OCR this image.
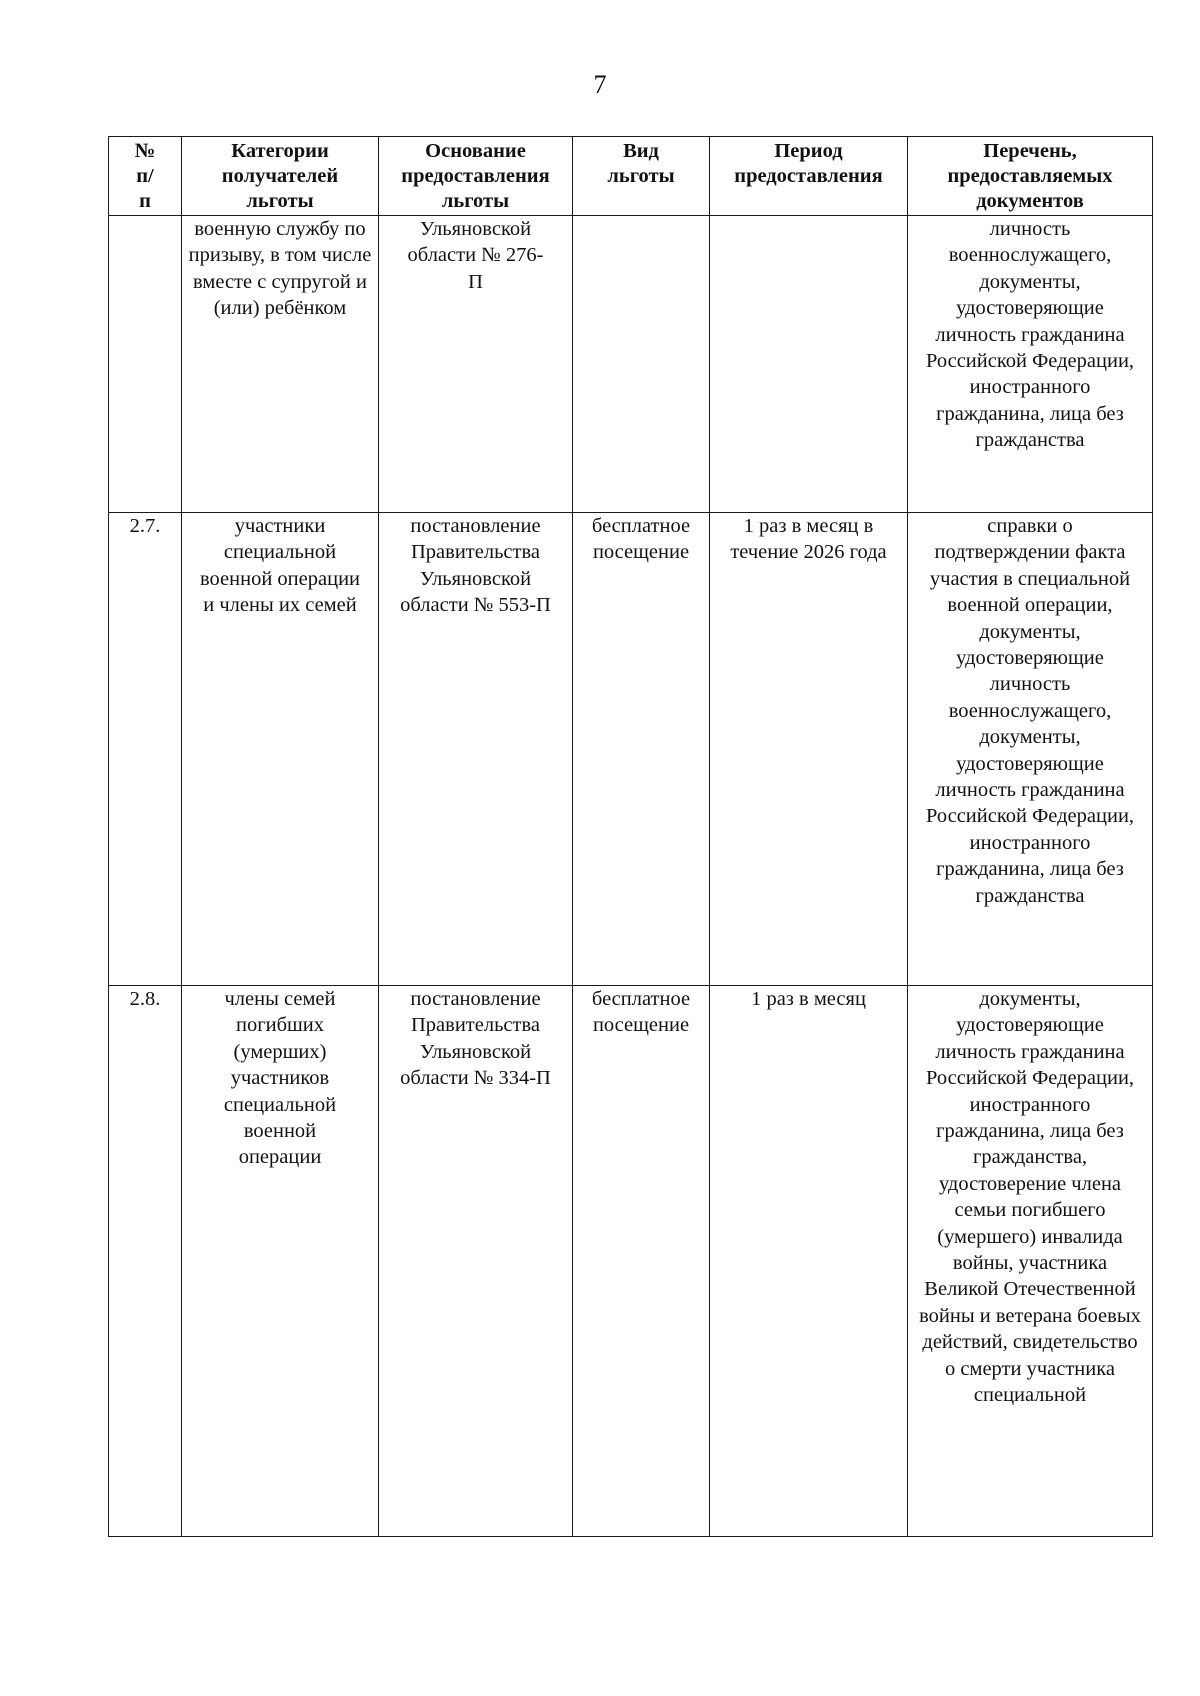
7
№ п/п	Категории получателей льготы	Основание предоставления льготы	Вид льготы	Период предоставления	Перечень, предоставляемых документов

	военную службу по призыву, в том числе вместе с супругой и (или) ребёнком	Ульяновской области № 276-П			личность военнослужащего, документы, удостоверяющие личность гражданина Российской Федерации, иностранного гражданина, лица без гражданства

2.7.	участники специальной военной операции и члены их семей	постановление Правительства Ульяновской области № 553-П	бесплатное посещение	1 раз в месяц в течение 2026 года	справки о подтверждении факта участия в специальной военной операции, документы, удостоверяющие личность военнослужащего, документы, удостоверяющие личность гражданина Российской Федерации, иностранного гражданина, лица без гражданства

2.8.	члены семей погибших (умерших) участников специальной военной операции	постановление Правительства Ульяновской области № 334-П	бесплатное посещение	1 раз в месяц	документы, удостоверяющие личность гражданина Российской Федерации, иностранного гражданина, лица без гражданства, удостоверение члена семьи погибшего (умершего) инвалида войны, участника Великой Отечественной войны и ветерана боевых действий, свидетельство о смерти участника специальной
